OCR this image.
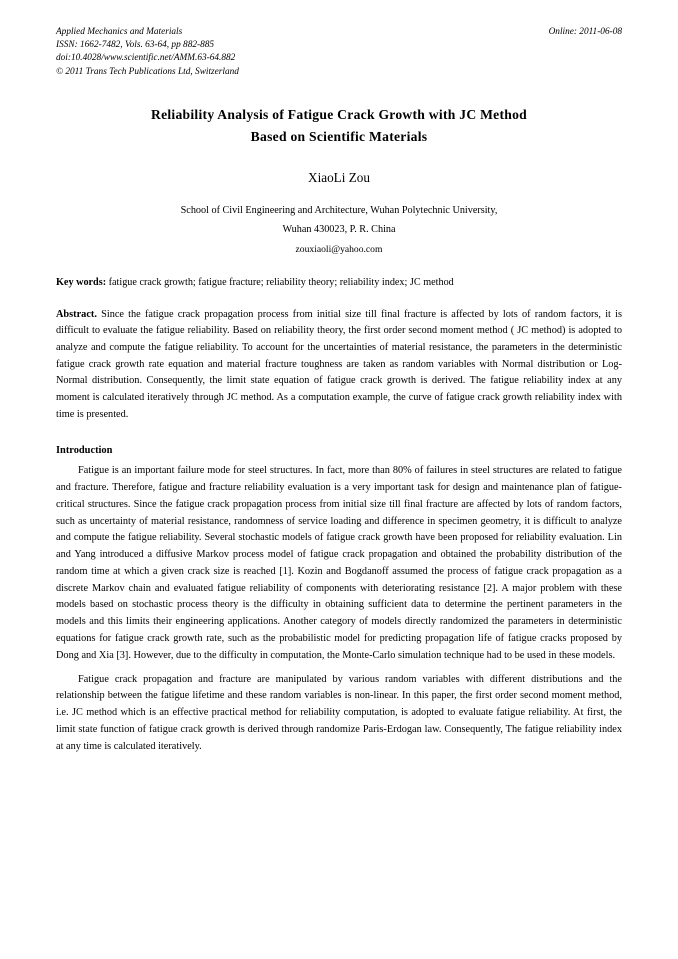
Applied Mechanics and Materials
ISSN: 1662-7482, Vols. 63-64, pp 882-885
doi:10.4028/www.scientific.net/AMM.63-64.882
© 2011 Trans Tech Publications Ltd, Switzerland
Online: 2011-06-08
Reliability Analysis of Fatigue Crack Growth with JC Method
Based on Scientific Materials
XiaoLi Zou
School of Civil Engineering and Architecture, Wuhan Polytechnic University,
Wuhan 430023, P. R. China
zouxiaoli@yahoo.com
Key words: fatigue crack growth; fatigue fracture; reliability theory; reliability index; JC method
Abstract. Since the fatigue crack propagation process from initial size till final fracture is affected by lots of random factors, it is difficult to evaluate the fatigue reliability. Based on reliability theory, the first order second moment method ( JC method) is adopted to analyze and compute the fatigue reliability. To account for the uncertainties of material resistance, the parameters in the deterministic fatigue crack growth rate equation and material fracture toughness are taken as random variables with Normal distribution or Log-Normal distribution. Consequently, the limit state equation of fatigue crack growth is derived. The fatigue reliability index at any moment is calculated iteratively through JC method. As a computation example, the curve of fatigue crack growth reliability index with time is presented.
Introduction
Fatigue is an important failure mode for steel structures. In fact, more than 80% of failures in steel structures are related to fatigue and fracture. Therefore, fatigue and fracture reliability evaluation is a very important task for design and maintenance plan of fatigue-critical structures. Since the fatigue crack propagation process from initial size till final fracture are affected by lots of random factors, such as uncertainty of material resistance, randomness of service loading and difference in specimen geometry, it is difficult to analyze and compute the fatigue reliability. Several stochastic models of fatigue crack growth have been proposed for reliability evaluation. Lin and Yang introduced a diffusive Markov process model of fatigue crack propagation and obtained the probability distribution of the random time at which a given crack size is reached [1]. Kozin and Bogdanoff assumed the process of fatigue crack propagation as a discrete Markov chain and evaluated fatigue reliability of components with deteriorating resistance [2]. A major problem with these models based on stochastic process theory is the difficulty in obtaining sufficient data to determine the pertinent parameters in the models and this limits their engineering applications. Another category of models directly randomized the parameters in deterministic equations for fatigue crack growth rate, such as the probabilistic model for predicting propagation life of fatigue cracks proposed by Dong and Xia [3]. However, due to the difficulty in computation, the Monte-Carlo simulation technique had to be used in these models.
Fatigue crack propagation and fracture are manipulated by various random variables with different distributions and the relationship between the fatigue lifetime and these random variables is non-linear. In this paper, the first order second moment method, i.e. JC method which is an effective practical method for reliability computation, is adopted to evaluate fatigue reliability. At first, the limit state function of fatigue crack growth is derived through randomize Paris-Erdogan law. Consequently, The fatigue reliability index at any time is calculated iteratively.
